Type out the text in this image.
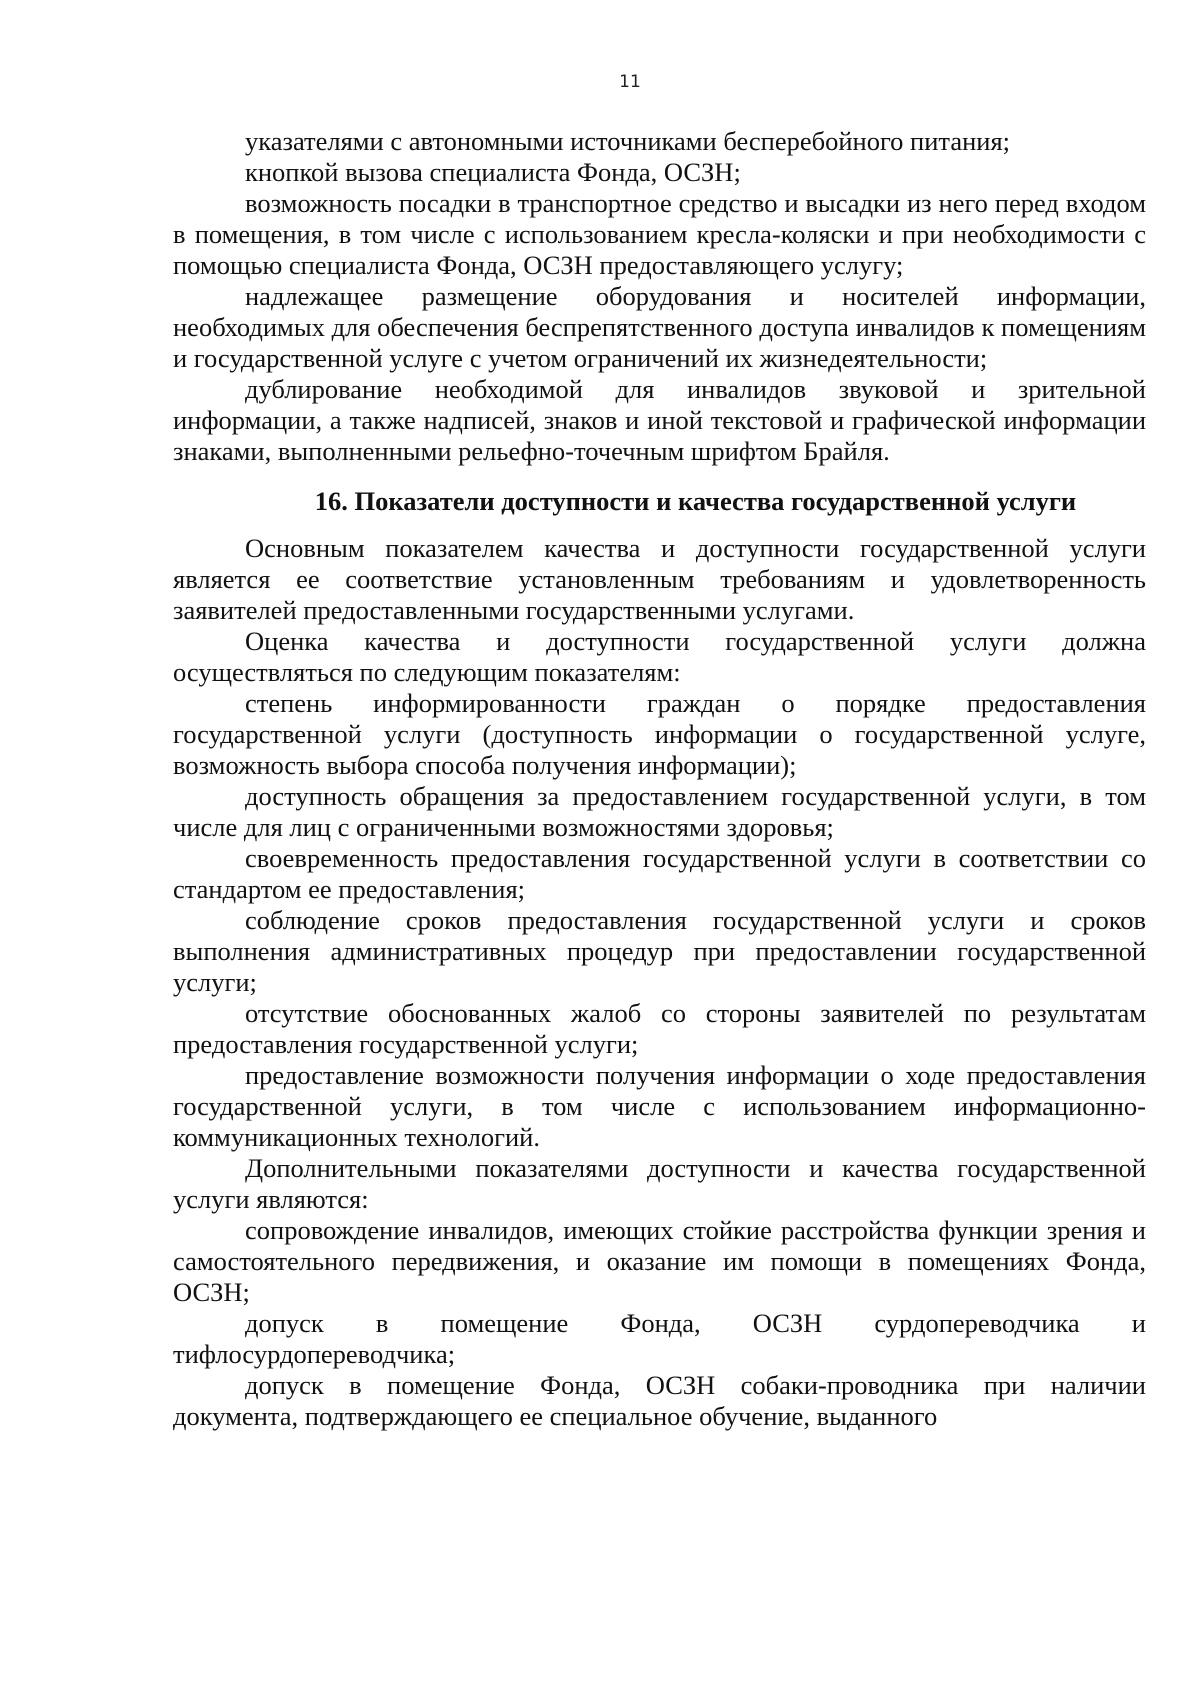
11

указателями с автономными источниками бесперебойного питания;

кнопкой вызова специалиста Фонда, ОСЗН;

возможность посадки в транспортное средство и высадки из него перед входом в помещения, в том числе с использованием кресла-коляски и при необходимости с помощью специалиста Фонда, ОСЗН предоставляющего услугу;

надлежащее размещение оборудования и носителей информации, необходимых для обеспечения беспрепятственного доступа инвалидов к помещениям и государственной услуге с учетом ограничений их жизнедеятельности;

дублирование необходимой для инвалидов звуковой и зрительной информации, а также надписей, знаков и иной текстовой и графической информации знаками, выполненными рельефно-точечным шрифтом Брайля.

16. Показатели доступности и качества государственной услуги

Основным показателем качества и доступности государственной услуги является ее соответствие установленным требованиям и удовлетворенность заявителей предоставленными государственными услугами.

Оценка качества и доступности государственной услуги должна осуществляться по следующим показателям:

степень информированности граждан о порядке предоставления государственной услуги (доступность информации о государственной услуге, возможность выбора способа получения информации);

доступность обращения за предоставлением государственной услуги, в том числе для лиц с ограниченными возможностями здоровья;

своевременность предоставления государственной услуги в соответствии со стандартом ее предоставления;

соблюдение сроков предоставления государственной услуги и сроков выполнения административных процедур при предоставлении государственной услуги;

отсутствие обоснованных жалоб со стороны заявителей по результатам предоставления государственной услуги;

предоставление возможности получения информации о ходе предоставления государственной услуги, в том числе с использованием информационно-коммуникационных технологий.

Дополнительными показателями доступности и качества государственной услуги являются:

сопровождение инвалидов, имеющих стойкие расстройства функции зрения и самостоятельного передвижения, и оказание им помощи в помещениях Фонда, ОСЗН;

допуск в помещение Фонда, ОСЗН сурдопереводчика и тифлосурдопереводчика;

допуск в помещение Фонда, ОСЗН собаки-проводника при наличии документа, подтверждающего ее специальное обучение, выданного
